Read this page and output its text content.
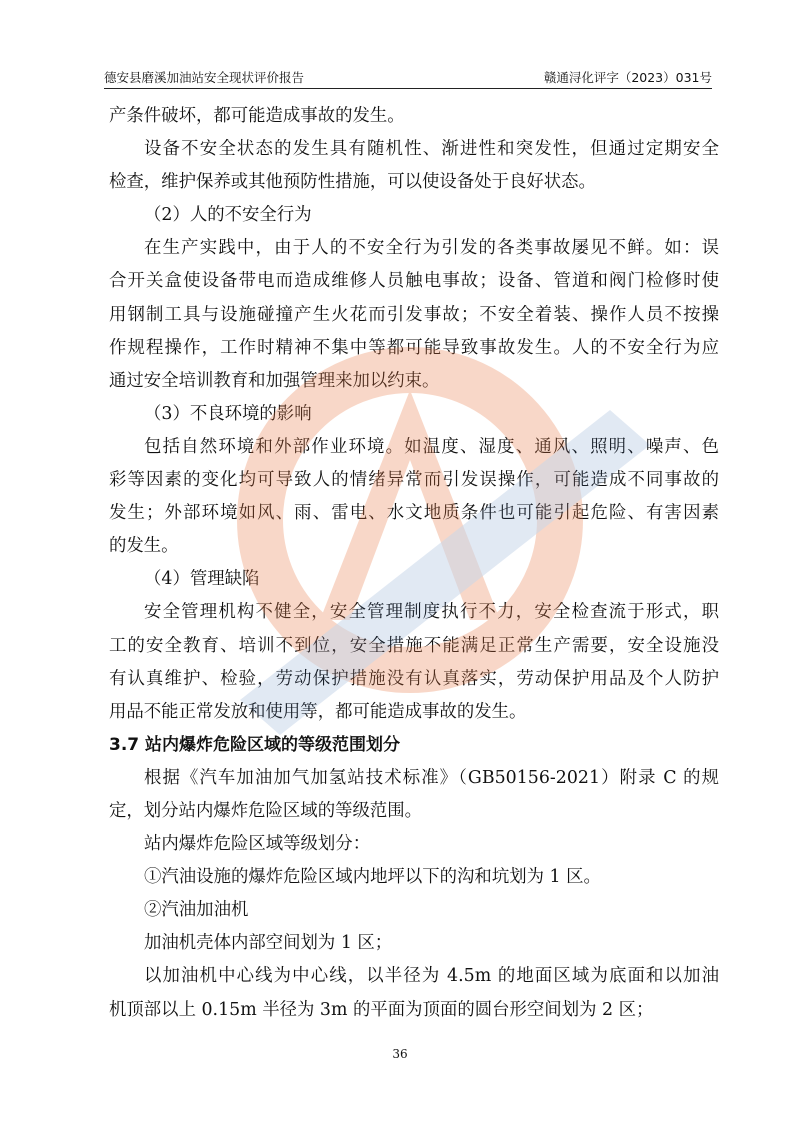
德安县磨溪加油站安全现状评价报告	赣通浔化评字（2023）031号
产条件破坏，都可能造成事故的发生。
设备不安全状态的发生具有随机性、渐进性和突发性，但通过定期安全
检查，维护保养或其他预防性措施，可以使设备处于良好状态。
（2）人的不安全行为
在生产实践中，由于人的不安全行为引发的各类事故屡见不鲜。如：误
合开关盒使设备带电而造成维修人员触电事故；设备、管道和阀门检修时使
用钢制工具与设施碰撞产生火花而引发事故；不安全着装、操作人员不按操
作规程操作，工作时精神不集中等都可能导致事故发生。人的不安全行为应
通过安全培训教育和加强管理来加以约束。
（3）不良环境的影响
包括自然环境和外部作业环境。如温度、湿度、通风、照明、噪声、色
彩等因素的变化均可导致人的情绪异常而引发误操作，可能造成不同事故的
发生；外部环境如风、雨、雷电、水文地质条件也可能引起危险、有害因素
的发生。
（4）管理缺陷
安全管理机构不健全，安全管理制度执行不力，安全检查流于形式，职
工的安全教育、培训不到位，安全措施不能满足正常生产需要，安全设施没
有认真维护、检验，劳动保护措施没有认真落实，劳动保护用品及个人防护
用品不能正常发放和使用等，都可能造成事故的发生。
3.7 站内爆炸危险区域的等级范围划分
根据《汽车加油加气加氢站技术标准》（GB50156-2021）附录 C 的规
定，划分站内爆炸危险区域的等级范围。
站内爆炸危险区域等级划分：
①汽油设施的爆炸危险区域内地坪以下的沟和坑划为 1 区。
②汽油加油机
加油机壳体内部空间划为 1 区；
以加油机中心线为中心线，以半径为 4.5m 的地面区域为底面和以加油
机顶部以上 0.15m 半径为 3m 的平面为顶面的圆台形空间划为 2 区；
36
